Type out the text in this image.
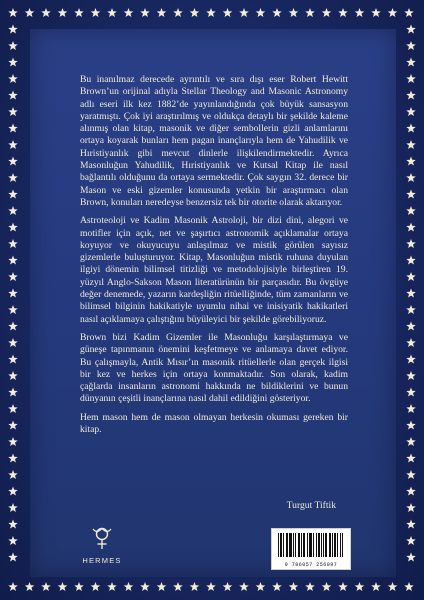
Bu inanılmaz derecede ayrıntılı ve sıra dışı eser Robert Hewitt Brown’un orijinal adıyla Stellar Theology and Masonic Astronomy adlı eseri ilk kez 1882’de yayınlandığında çok büyük sansasyon yaratmıştı. Çok iyi araştırılmış ve oldukça detaylı bir şekilde kaleme alınmış olan kitap, masonik ve diğer sembollerin gizli anlamlarını ortaya koyarak bunları hem pagan inançlarıyla hem de Yahudilik ve Hıristiyanlık gibi mevcut dinlerle ilişkilendirmektedir. Ayrıca Masonluğun Yahudilik, Hıristiyanlık ve Kutsal Kitap ile nasıl bağlantılı olduğunu da ortaya sermektedir. Çok saygın 32. derece bir Mason ve eski gizemler konusunda yetkin bir araştırmacı olan Brown, konuları neredeyse benzersiz tek bir otorite olarak aktarıyor.

Astroteoloji ve Kadim Masonik Astroloji, bir dizi dini, alegori ve motifler için açık, net ve şaşırtıcı astronomik açıklamalar ortaya koyuyor ve okuyucuyu anlaşılmaz ve mistik görülen sayısız gizemlerle buluşturuyor. Kitap, Masonluğun mistik ruhuna duyulan ilgiyi dönemin bilimsel titizliği ve metodolojisiyle birleştiren 19. yüzyıl Anglo-Sakson Mason literatürünün bir parçasıdır. Bu övgüye değer denemede, yazarın kardeşliğin ritüelliğinde, tüm zamanların ve bilimsel bilginin hakikatiyle uyumlu nihai ve inisiyatik hakikatleri nasıl açıklamaya çalıştığını büyüleyici bir şekilde görebiliyoruz.

Brown bizi Kadim Gizemler ile Masonluğu karşılaştırmaya ve güneşe tapınmanın önemini keşfetmeye ve anlamaya davet ediyor. Bu çalışmayla, Antik Mısır’ın masonik ritüellerle olan gerçek ilgisi bir kez ve herkes için ortaya konmaktadır. Son olarak, kadim çağlarda insanların astronomi hakkında ne bildiklerini ve bunun dünyanın çeşitli inançlarına nasıl dahil edildiğini gösteriyor.

Hem mason hem de mason olmayan herkesin okuması gereken bir kitap.

Turgut Tiftik
HERMES	9 786057 256097
